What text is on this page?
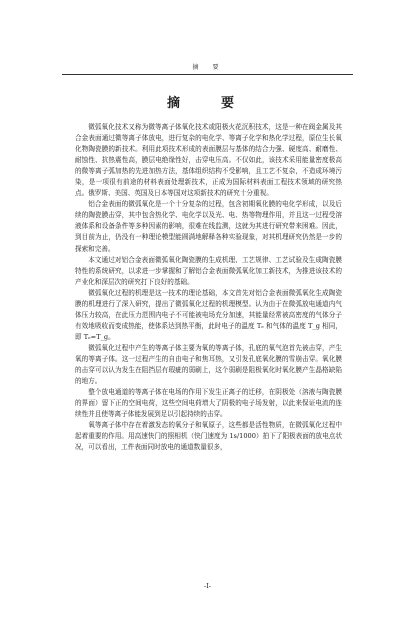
摘　要
摘　要

微弧氧化技术又称为微等离子体氧化技术或阳极火花沉积技术，这是一种在阀金属及其合金表面通过微等离子体放电，进行复杂的电化学、等离子化学和热化学过程，原位生长氧化物陶瓷膜的新技术。利用此项技术形成的表面膜层与基体的结合力强、硬度高、耐磨性、耐蚀性、抗热震性高，膜层电绝缘性好，击穿电压高。不仅如此，该技术采用能量密度极高的微等离子弧加热的先进加热方法，基体组织结构不受影响，且工艺不复杂，不造成环境污染，是一项很有前途的材料表面处理新技术，正成为国际材料表面工程技术领域的研究热点。俄罗斯、美国、英国及日本等国对这项新技术的研究十分重视。

铝合金表面的微弧氧化是一个十分复杂的过程，包含初期氧化膜的电化学形成，以及后续的陶瓷膜击穿，其中包含热化学、电化学以及光、电、热等物理作用，并且这一过程受溶液体系和设备条件等多种因素的影响，很难在线监测，这就为其进行研究带来困难。因此，到目前为止，仍没有一种理论模型能圆满地解释各种实验现象，对其机理研究仍然是一步的探索和完善。

本文通过对铝合金表面微弧氧化陶瓷膜的生成机理、工艺规律、工艺试验及生成陶瓷膜特性的系统研究，以求进一步掌握和了解铝合金表面微弧氧化加工新技术，为推进该技术的产业化和深层次的研究打下良好的基础。

微弧氧化过程的机理是这一技术的理论基础，本文首先对铝合金表面微弧氧化生成陶瓷膜的机理进行了深入研究，提出了微弧氧化过程的机理模型。认为由于在微弧放电通道内气体压力较高，在此压力范围内电子不可能被电场充分加速，其能量经常被高密度的气体分子有效地吸收而变成热能，使体系达到热平衡，此时电子的温度 Tₑ 和气体的温度 T_g 相同，即 Tₑ=T_g。

微弧氧化过程中产生的等离子体主要为氧的等离子体，孔底的氧气泡首先被击穿，产生氧的等离子体。这一过程产生的自由电子和焦耳热，又引发孔底氧化膜的雪崩击穿。氧化膜的击穿可以认为发生在阻挡层有瑕疵的弱刷上，这个弱刷是阻极氧化时氧化膜产生晶格缺陷的地方。

整个放电通道的等离子体在电场的作用下发生正离子的迁移，在阴极处（溶液与陶瓷膜的界面）留下正的空间电荷，这些空间电荷增大了阴极的电子场发射，以此来保证电流的连续性并且使等离子体能发展到足以引起持续的击穿。

氧等离子体中存在着激发态的氧分子和氧原子，这些都是活性物质，在微弧氧化过程中起着重要的作用。用高速快门的照相机（快门速度为 1s/1000）拍下了阳极表面的放电点状况，可以看出，工件表面同时放电的通道数量很多，

-I-
